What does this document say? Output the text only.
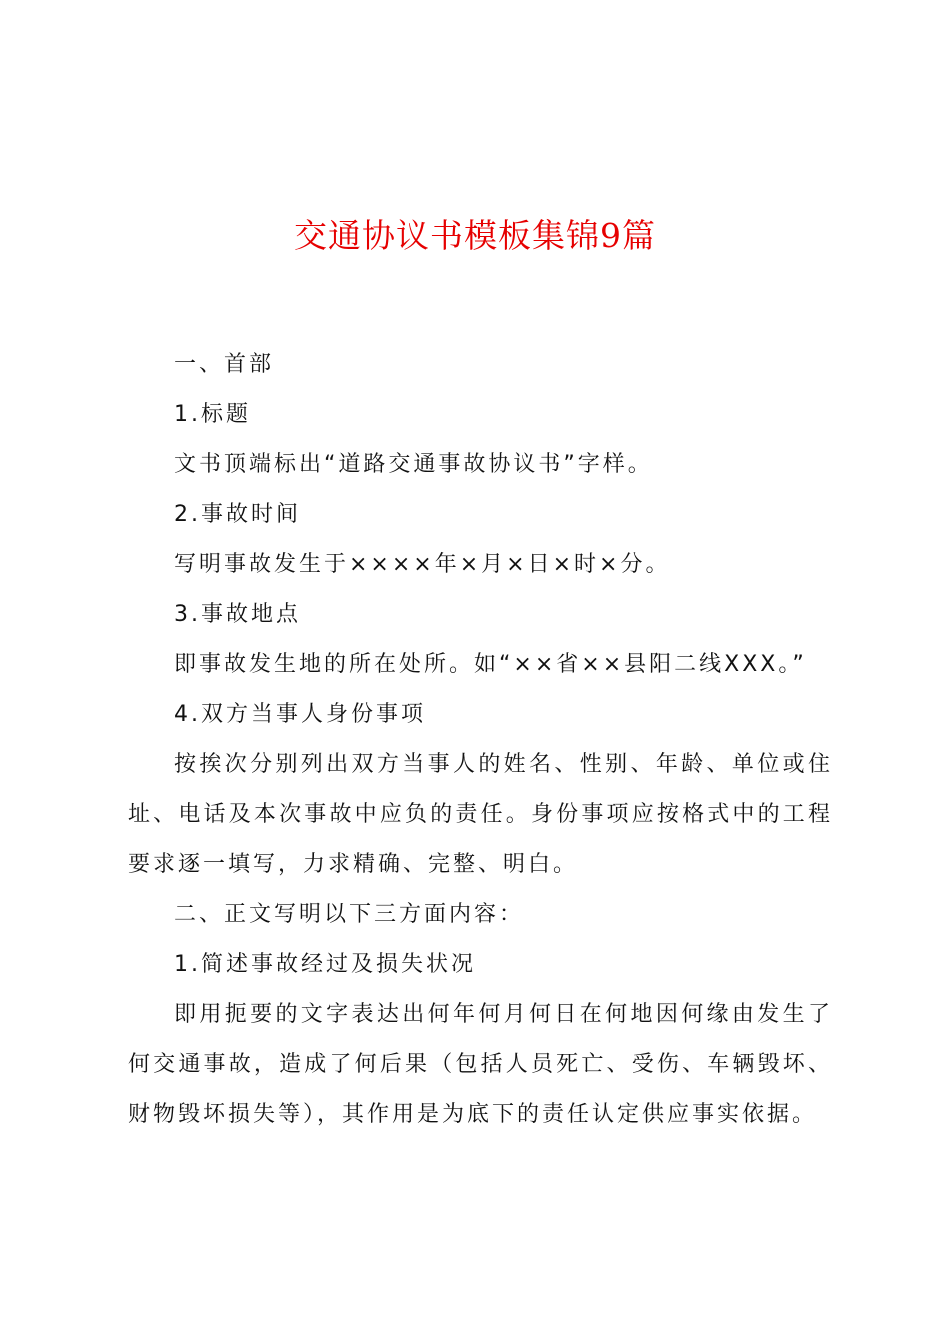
交通协议书模板集锦9篇

一、首部

1.标题

文书顶端标出“道路交通事故协议书”字样。

2.事故时间

写明事故发生于××××年×月×日×时×分。

3.事故地点

即事故发生地的所在处所。如“××省××县阳二线XXX。”

4.双方当事人身份事项

按挨次分别列出双方当事人的姓名、性别、年龄、单位或住址、电话及本次事故中应负的责任。身份事项应按格式中的工程要求逐一填写，力求精确、完整、明白。

二、正文写明以下三方面内容：

1.简述事故经过及损失状况

即用扼要的文字表达出何年何月何日在何地因何缘由发生了何交通事故，造成了何后果（包括人员死亡、受伤、车辆毁坏、财物毁坏损失等），其作用是为底下的责任认定供应事实依据。
